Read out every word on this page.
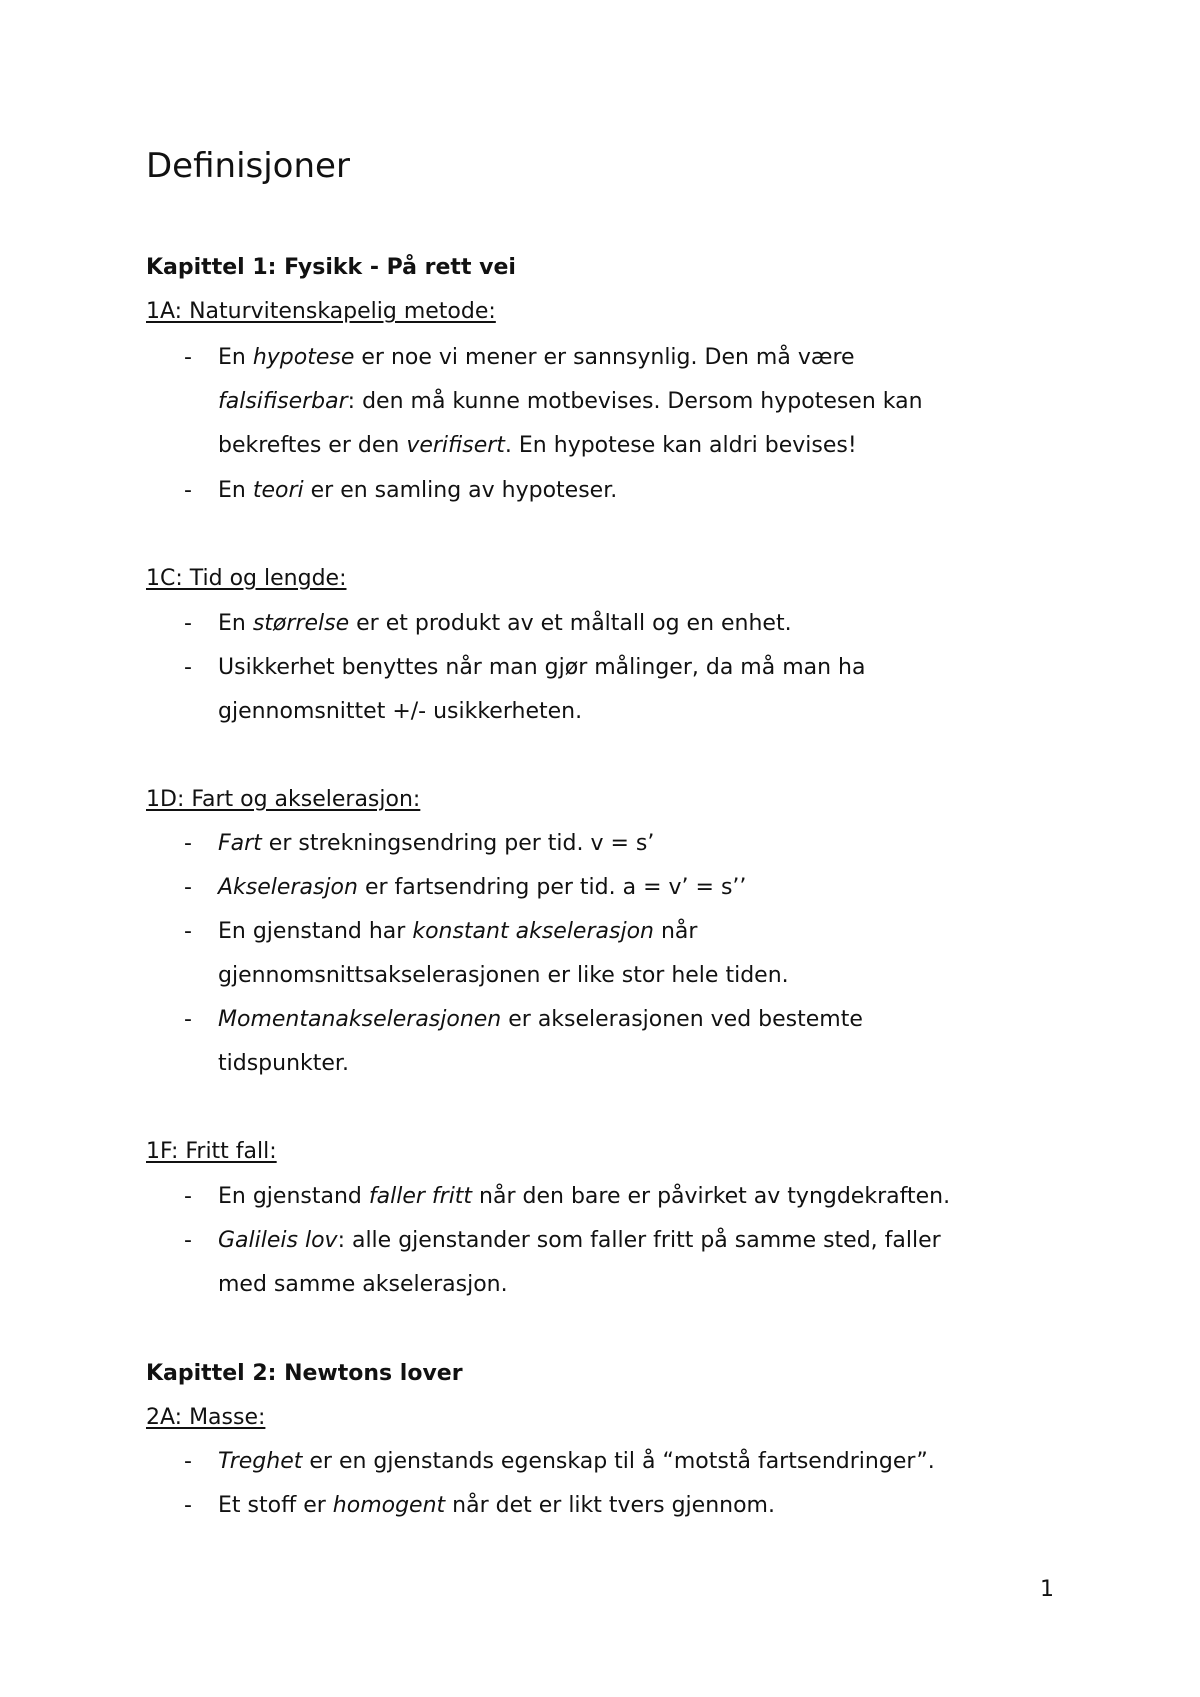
Definisjoner

Kapittel 1: Fysikk - På rett vei

1A: Naturvitenskapelig metode:

- En hypotese er noe vi mener er sannsynlig. Den må være

falsifiserbar: den må kunne motbevises. Dersom hypotesen kan

bekreftes er den verifisert. En hypotese kan aldri bevises!

- En teori er en samling av hypoteser.

1C: Tid og lengde:

- En størrelse er et produkt av et måltall og en enhet.

- Usikkerhet benyttes når man gjør målinger, da må man ha

gjennomsnittet +/- usikkerheten.

1D: Fart og akselerasjon:

- Fart er strekningsendring per tid. v = s’

- Akselerasjon er fartsendring per tid. a = v’ = s’’

- En gjenstand har konstant akselerasjon når

gjennomsnittsakselerasjonen er like stor hele tiden.

- Momentanakselerasjonen er akselerasjonen ved bestemte

tidspunkter.

1F: Fritt fall:

- En gjenstand faller fritt når den bare er påvirket av tyngdekraften.

- Galileis lov: alle gjenstander som faller fritt på samme sted, faller

med samme akselerasjon.

Kapittel 2: Newtons lover

2A: Masse:

- Treghet er en gjenstands egenskap til å “motstå fartsendringer”.

- Et stoff er homogent når det er likt tvers gjennom.

1
